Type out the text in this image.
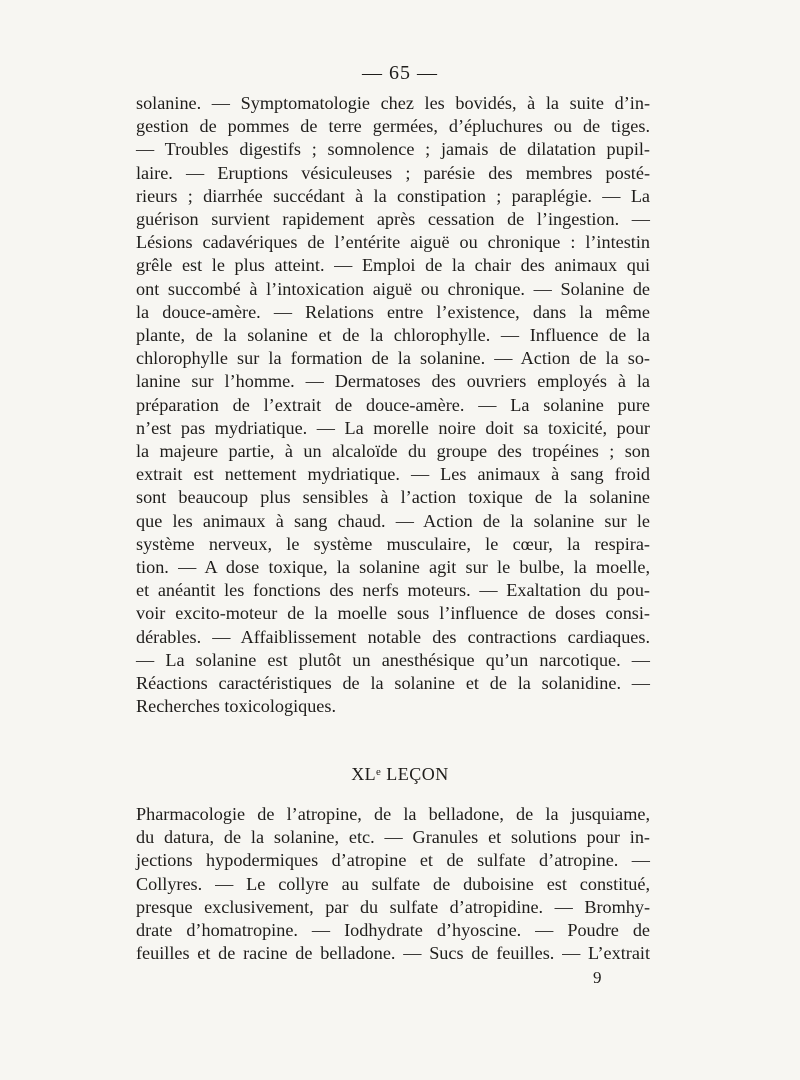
— 65 —
solanine. — Symptomatologie chez les bovidés, à la suite d’in-
gestion de pommes de terre germées, d’épluchures ou de tiges.
— Troubles digestifs ; somnolence ; jamais de dilatation pupil-
laire. — Eruptions vésiculeuses ; parésie des membres posté-
rieurs ; diarrhée succédant à la constipation ; paraplégie. — La
guérison survient rapidement après cessation de l’ingestion. —
Lésions cadavériques de l’entérite aiguë ou chronique : l’intestin
grêle est le plus atteint. — Emploi de la chair des animaux qui
ont succombé à l’intoxication aiguë ou chronique. — Solanine de
la douce-amère. — Relations entre l’existence, dans la même
plante, de la solanine et de la chlorophylle. — Influence de la
chlorophylle sur la formation de la solanine. — Action de la so-
lanine sur l’homme. — Dermatoses des ouvriers employés à la
préparation de l’extrait de douce-amère. — La solanine pure
n’est pas mydriatique. — La morelle noire doit sa toxicité, pour
la majeure partie, à un alcaloïde du groupe des tropéines ; son
extrait est nettement mydriatique. — Les animaux à sang froid
sont beaucoup plus sensibles à l’action toxique de la solanine
que les animaux à sang chaud. — Action de la solanine sur le
système nerveux, le système musculaire, le cœur, la respira-
tion. — A dose toxique, la solanine agit sur le bulbe, la moelle,
et anéantit les fonctions des nerfs moteurs. — Exaltation du pou-
voir excito-moteur de la moelle sous l’influence de doses consi-
dérables. — Affaiblissement notable des contractions cardiaques.
— La solanine est plutôt un anesthésique qu’un narcotique. —
Réactions caractéristiques de la solanine et de la solanidine. —
Recherches toxicologiques.
XLᵉ LEÇON
Pharmacologie de l’atropine, de la belladone, de la jusquiame,
du datura, de la solanine, etc. — Granules et solutions pour in-
jections hypodermiques d’atropine et de sulfate d’atropine. —
Collyres. — Le collyre au sulfate de duboisine est constitué,
presque exclusivement, par du sulfate d’atropidine. — Bromhy-
drate d’homatropine. — Iodhydrate d’hyoscine. — Poudre de
feuilles et de racine de belladone. — Sucs de feuilles. — L’extrait
9
